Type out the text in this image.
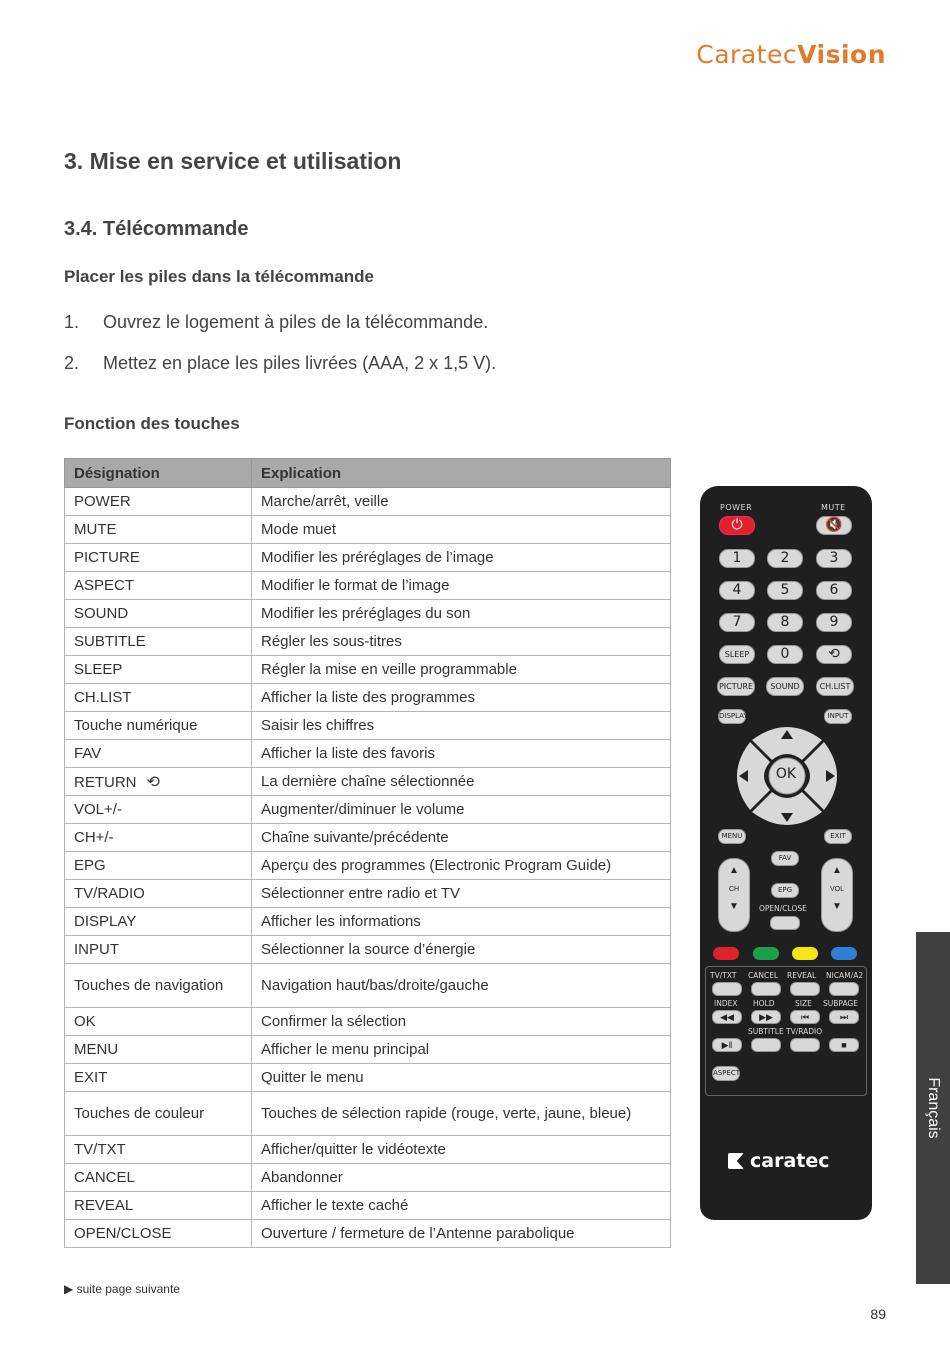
CaratecVision
3. Mise en service et utilisation
3.4. Télécommande
Placer les piles dans la télécommande
1. Ouvrez le logement à piles de la télécommande.
2. Mettez en place les piles livrées (AAA, 2 x 1,5 V).
Fonction des touches
Désignation	Explication
POWER	Marche/arrêt, veille
MUTE	Mode muet
PICTURE	Modifier les préréglages de l’image
ASPECT	Modifier le format de l’image
SOUND	Modifier les préréglages du son
SUBTITLE	Régler les sous-titres
SLEEP	Régler la mise en veille programmable
CH.LIST	Afficher la liste des programmes
Touche numérique	Saisir les chiffres
FAV	Afficher la liste des favoris
RETURN ⟲	La dernière chaîne sélectionnée
VOL+/-	Augmenter/diminuer le volume
CH+/-	Chaîne suivante/précédente
EPG	Aperçu des programmes (Electronic Program Guide)
TV/RADIO	Sélectionner entre radio et TV
DISPLAY	Afficher les informations
INPUT	Sélectionner la source d’énergie
Touches de navigation	Navigation haut/bas/droite/gauche
OK	Confirmer la sélection
MENU	Afficher le menu principal
EXIT	Quitter le menu
Touches de couleur	Touches de sélection rapide (rouge, verte, jaune, bleue)
TV/TXT	Afficher/quitter le vidéotexte
CANCEL	Abandonner
REVEAL	Afficher le texte caché
OPEN/CLOSE	Ouverture / fermeture de l’Antenne parabolique
POWER	MUTE
⏻	🔇
1	2	3
4	5	6
7	8	9
SLEEP	0	⟲
PICTURE	SOUND	CH.LIST
DISPLAY	INPUT
OK
MENU	EXIT
FAV
EPG
▲
CH
▼
▲
VOL
▼
OPEN/CLOSE
TV/TXT CANCEL REVEAL NICAM/A2
INDEX HOLD	SIZE SUBPAGE
◀◀	▶▶	⏮	⏭
SUBTITLE TV/RADIO
▶‖	■
ASPECT
caratec
Français
▶ suite page suivante
89
